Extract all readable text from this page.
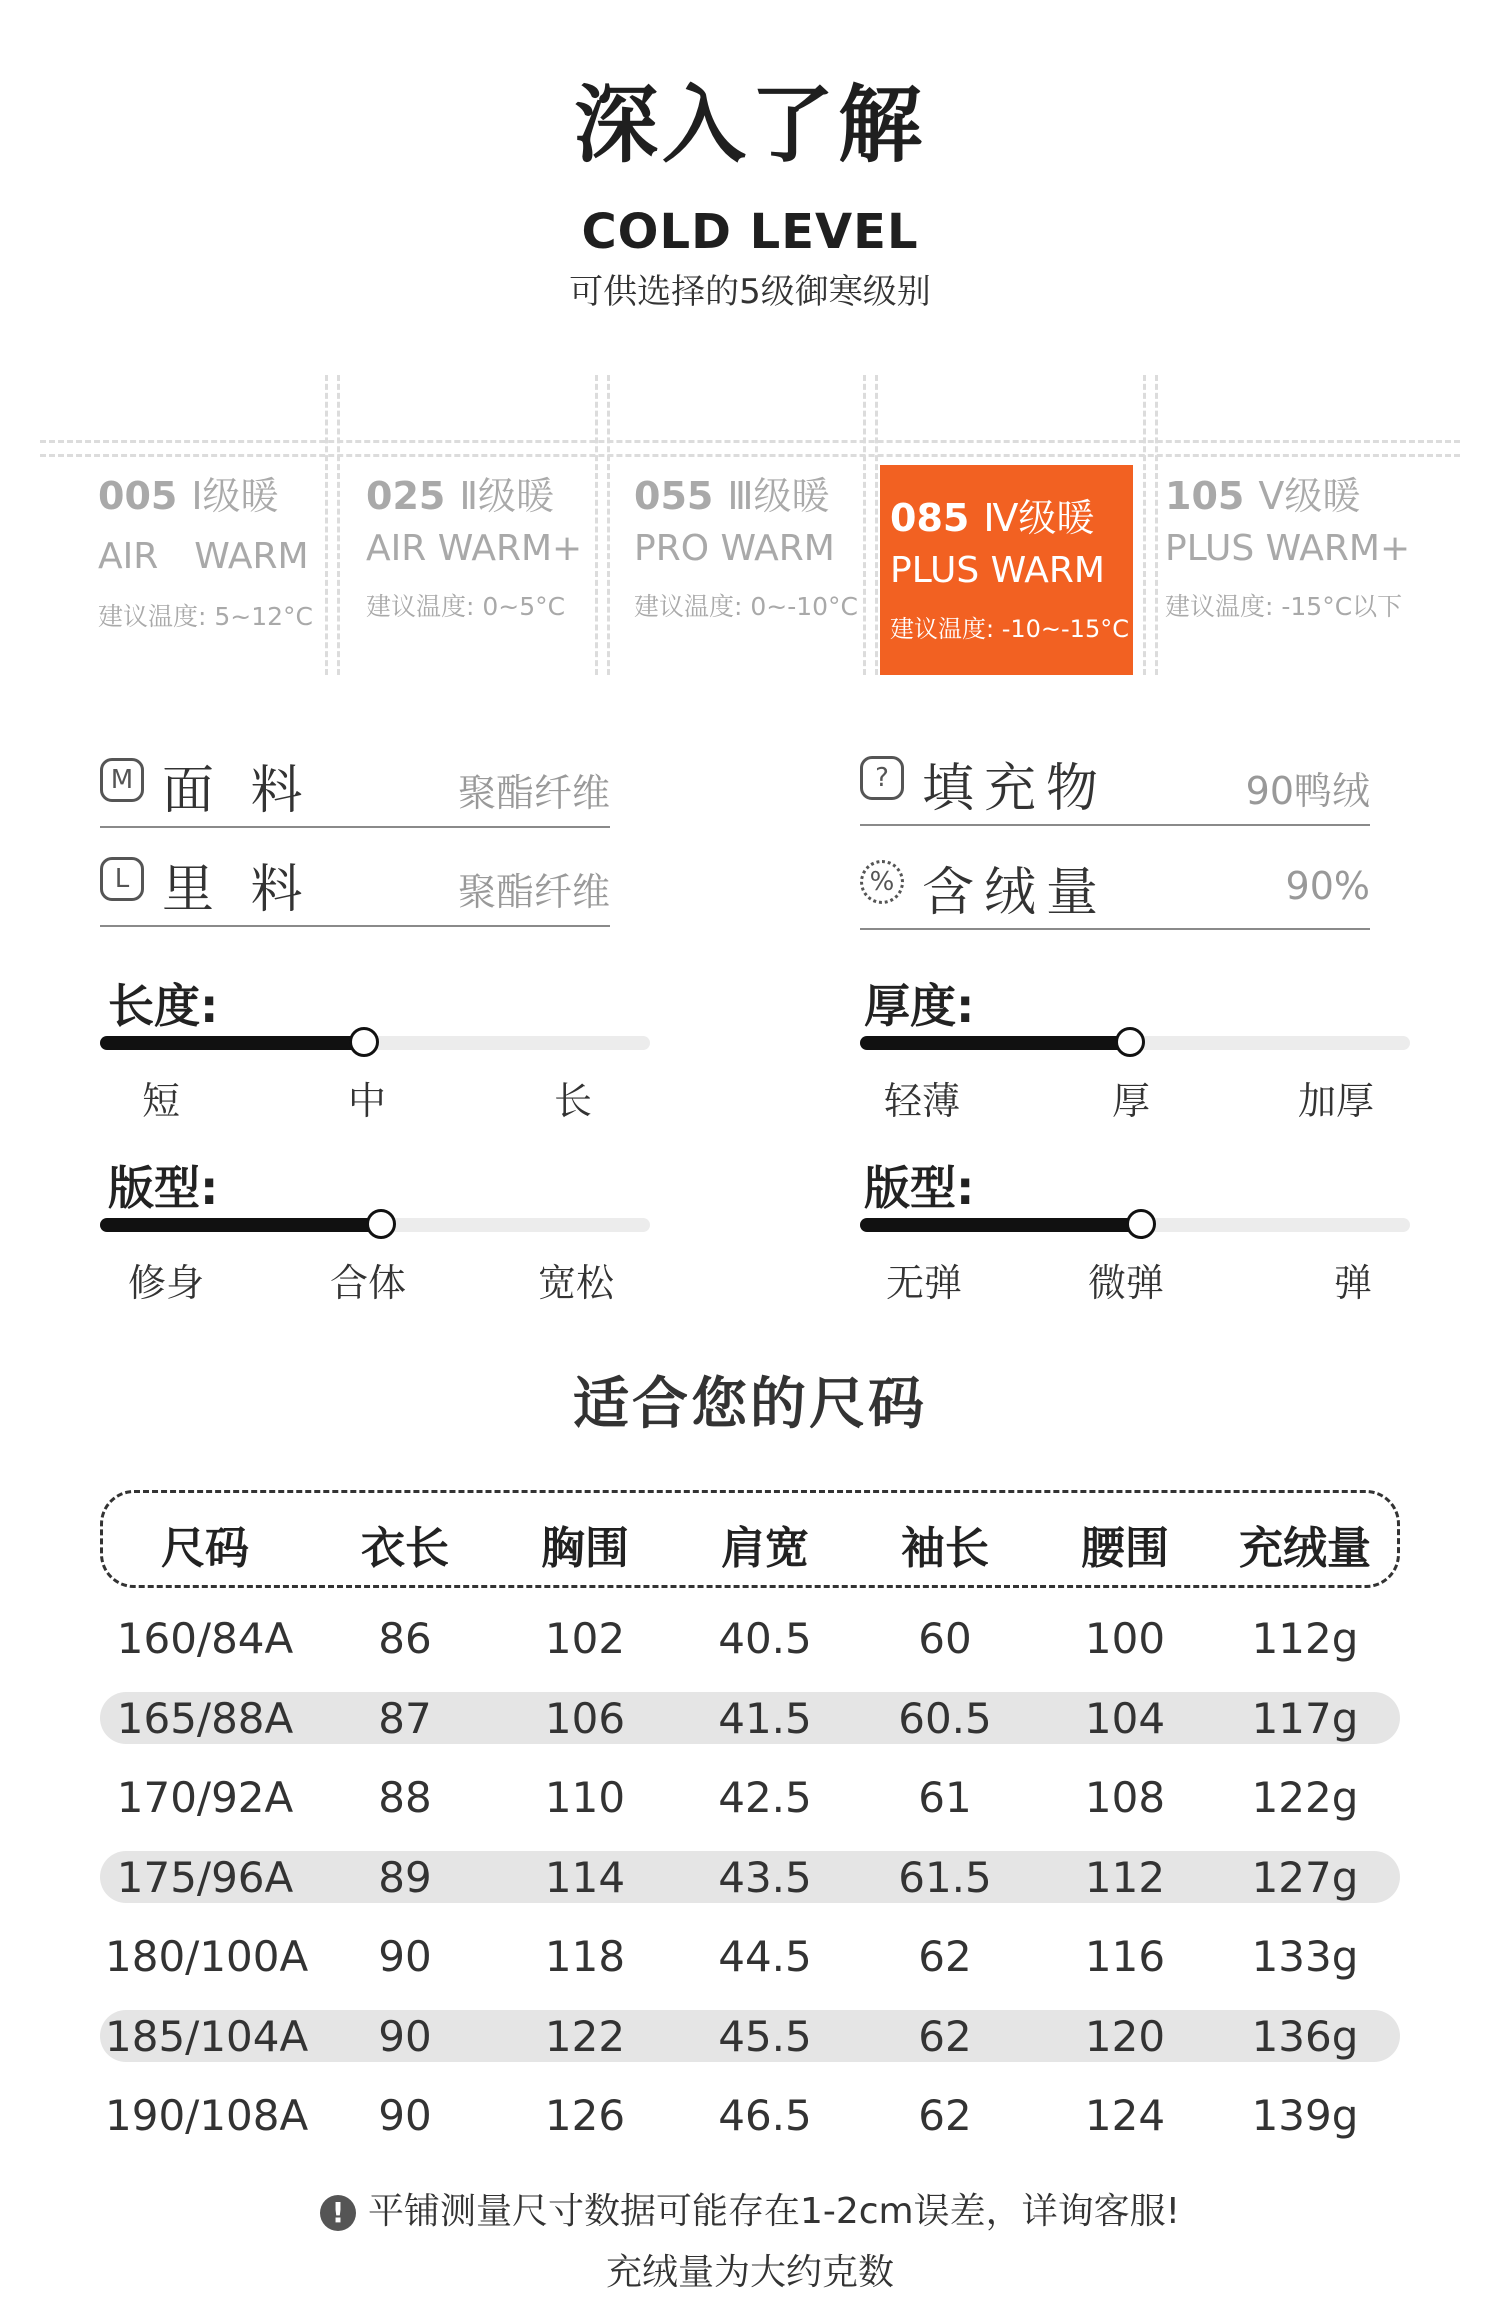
深入了解
COLD LEVEL
可供选择的5级御寒级别
005 Ⅰ级暖
AIR　WARM
建议温度: 5~12°C
025 Ⅱ级暖
AIR WARM+
建议温度: 0~5°C
055 Ⅲ级暖
PRO WARM
建议温度: 0~-10°C
085 Ⅳ级暖
PLUS WARM
建议温度: -10~-15°C
105 Ⅴ级暖
PLUS WARM+
建议温度: -15°C以下
M 面 料	聚酯纤维
L 里 料	聚酯纤维
? 填充物	90鸭绒
% 含绒量	90%
长度:
短	中	长
厚度:
轻薄	厚	加厚
版型:
修身	合体	宽松
版型:
无弹	微弹	弹
适合您的尺码
尺码	衣长	胸围	肩宽	袖长	腰围	充绒量
160/84A	86	102	40.5	60	100	112g
165/88A	87	106	41.5	60.5	104	117g
170/92A	88	110	42.5	61	108	122g
175/96A	89	114	43.5	61.5	112	127g
180/100A	90	118	44.5	62	116	133g
185/104A	90	122	45.5	62	120	136g
190/108A	90	126	46.5	62	124	139g
! 平铺测量尺寸数据可能存在1-2cm误差，详询客服!
充绒量为大约克数
